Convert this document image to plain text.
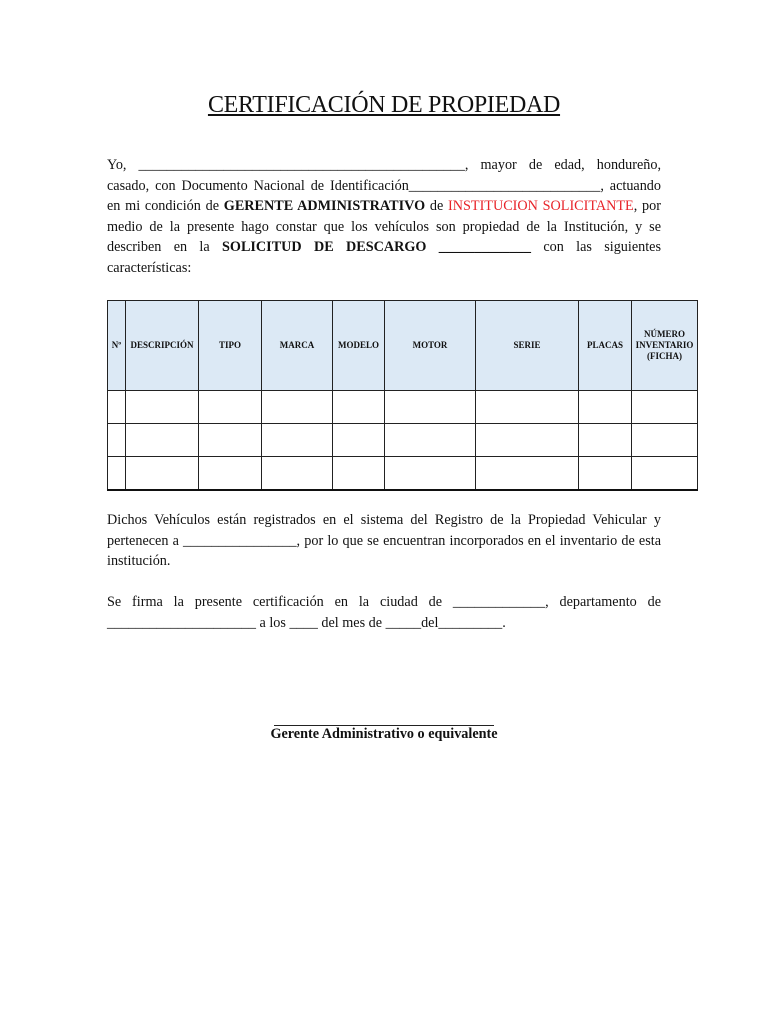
CERTIFICACIÓN DE PROPIEDAD

Yo, ______________________________________________, mayor de edad, hondureño, casado, con Documento Nacional de Identificación___________________________, actuando en mi condición de GERENTE ADMINISTRATIVO de INSTITUCION SOLICITANTE, por medio de la presente hago constar que los vehículos son propiedad de la Institución, y se describen en la SOLICITUD DE DESCARGO _____________ con las siguientes características:

Nº	DESCRIPCIÓN	TIPO	MARCA	MODELO	MOTOR	SERIE	PLACAS	NÚMERO INVENTARIO (FICHA)

Dichos Vehículos están registrados en el sistema del Registro de la Propiedad Vehicular y pertenecen a ________________, por lo que se encuentran incorporados en el inventario de esta institución.

Se firma la presente certificación en la ciudad de _____________, departamento de _____________________ a los ____ del mes de _____del_________.

Gerente Administrativo o equivalente
